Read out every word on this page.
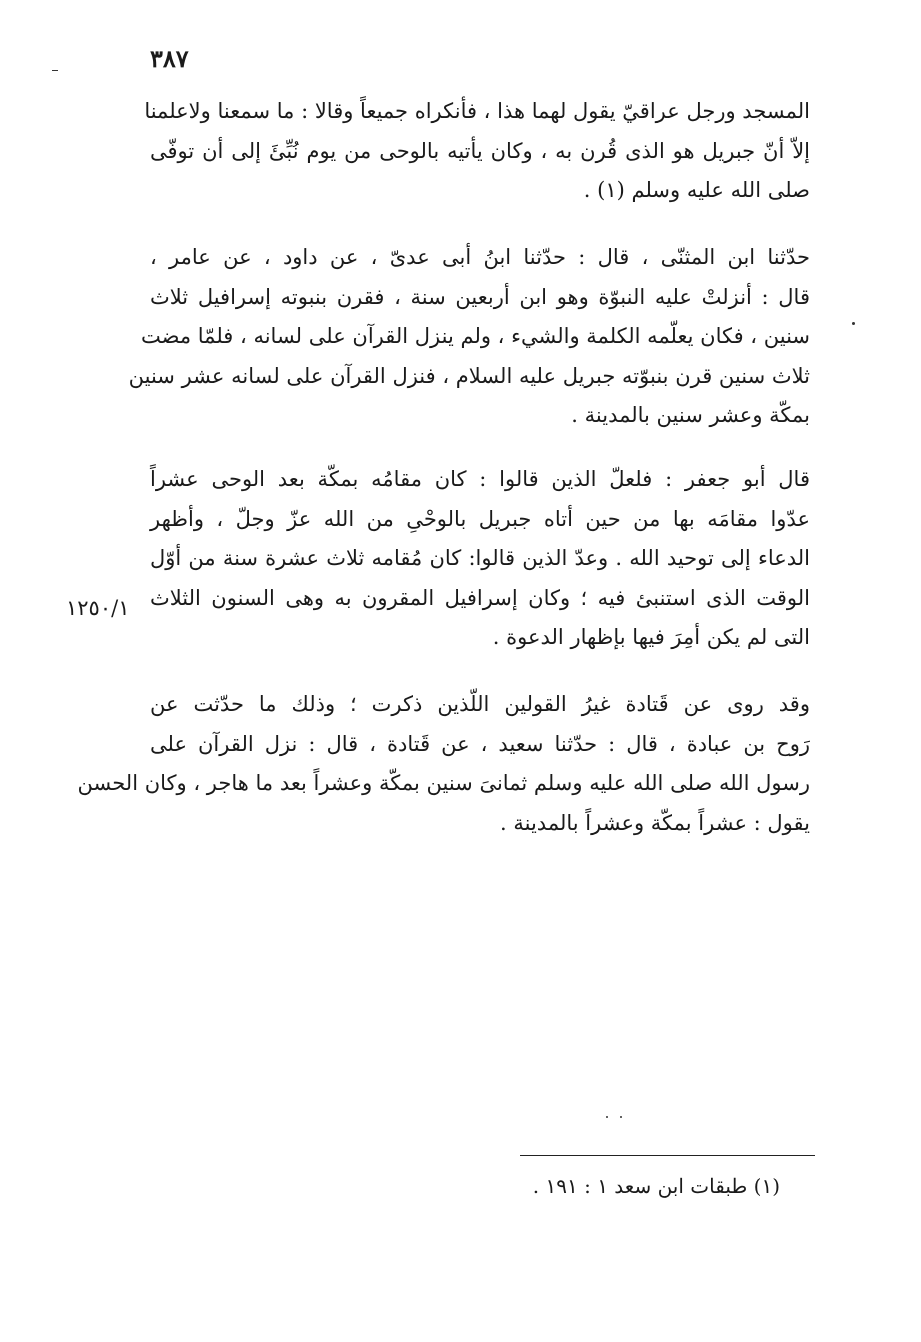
٣٨٧
المسجد ورجل عراقيّ يقول لهما هذا ، فأنكراه جميعاً وقالا : ما سمعنا ولاعلمنا
إلاّ أنّ جبريل هو الذى قُرن به ، وكان يأتيه بالوحى من يوم نُبِّئَ إلى أن توفّى
صلى الله عليه وسلم (١) .
حدّثنا ابن المثنّى ، قال : حدّثنا ابنُ أبى عدىّ ، عن داود ، عن عامر ،
قال : أنزلتْ عليه النبوّة وهو ابن أربعين سنة ، فقرن بنبوته إسرافيل ثلاث
سنين ، فكان يعلّمه الكلمة والشيء ، ولم ينزل القرآن على لسانه ، فلمّا مضت
ثلاث سنين قرن بنبوّته جبريل عليه السلام ، فنزل القرآن على لسانه عشر سنين
بمكّة وعشر سنين بالمدينة .
قال أبو جعفر : فلعلّ الذين قالوا : كان مقامُه بمكّة بعد الوحى عشراً
عدّوا مقامَه بها من حين أتاه جبريل بالوحْىِ من الله عزّ وجلّ ، وأظهر
الدعاء إلى توحيد الله . وعدّ الذين قالوا: كان مُقامه ثلاث عشرة سنة من أوّل
الوقت الذى استنبئ فيه ؛ وكان إسرافيل المقرون به وهى السنون الثلاث
التى لم يكن أمِرَ فيها بإظهار الدعوة .
١٢٥٠/١
وقد روى عن قَتادة غيرُ القولين اللّذين ذكرت ؛ وذلك ما حدّثت عن
رَوح بن عبادة ، قال : حدّثنا سعيد ، عن قَتادة ، قال : نزل القرآن على
رسول الله صلى الله عليه وسلم ثمانىَ سنين بمكّة وعشراً بعد ما هاجر ، وكان الحسن
يقول : عشراً بمكّة وعشراً بالمدينة .
(١) طبقات ابن سعد ١ : ١٩١ .
